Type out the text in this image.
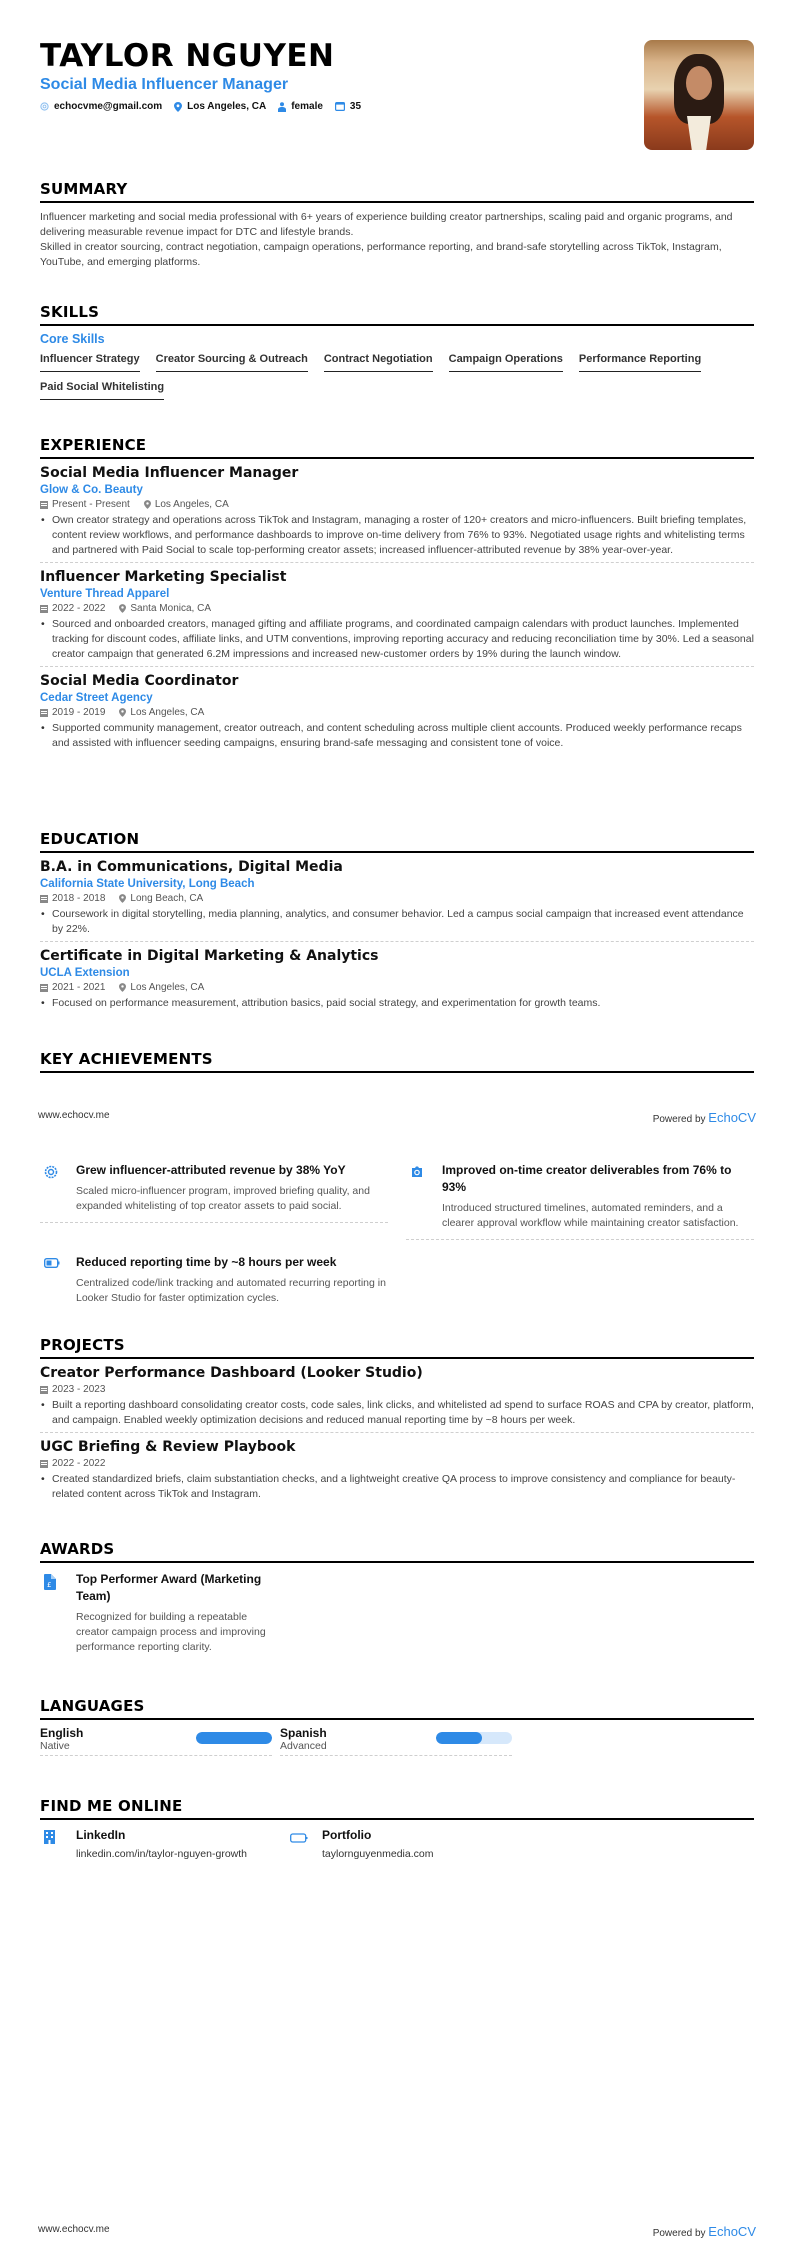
TAYLOR NGUYEN
Social Media Influencer Manager
echocvme@gmail.com	Los Angeles, CA	female	35
SUMMARY

Influencer marketing and social media professional with 6+ years of experience building creator partnerships, scaling paid and organic programs, and delivering measurable revenue impact for DTC and lifestyle brands.

Skilled in creator sourcing, contract negotiation, campaign operations, performance reporting, and brand-safe storytelling across TikTok, Instagram, YouTube, and emerging platforms.

SKILLS
Core Skills
Influencer Strategy Creator Sourcing & Outreach Contract Negotiation Campaign Operations Performance Reporting
Paid Social Whitelisting
EXPERIENCE
Social Media Influencer Manager
Glow & Co. Beauty
Present - Present	Los Angeles, CA
• Own creator strategy and operations across TikTok and Instagram, managing a roster of 120+ creators and micro-influencers. Built briefing templates, content review workflows, and performance dashboards to improve on-time delivery from 76% to 93%. Negotiated usage rights and whitelisting terms and partnered with Paid Social to scale top-performing creator assets; increased influencer-attributed revenue by 38% year-over-year.
Influencer Marketing Specialist
Venture Thread Apparel
2022 - 2022	Santa Monica, CA
• Sourced and onboarded creators, managed gifting and affiliate programs, and coordinated campaign calendars with product launches. Implemented tracking for discount codes, affiliate links, and UTM conventions, improving reporting accuracy and reducing reconciliation time by 30%. Led a seasonal creator campaign that generated 6.2M impressions and increased new-customer orders by 19% during the launch window.
Social Media Coordinator
Cedar Street Agency
2019 - 2019	Los Angeles, CA
• Supported community management, creator outreach, and content scheduling across multiple client accounts. Produced weekly performance recaps and assisted with influencer seeding campaigns, ensuring brand-safe messaging and consistent tone of voice.
EDUCATION
B.A. in Communications, Digital Media
California State University, Long Beach
2018 - 2018	Long Beach, CA
• Coursework in digital storytelling, media planning, analytics, and consumer behavior. Led a campus social campaign that increased event attendance by 22%.
Certificate in Digital Marketing & Analytics
UCLA Extension
2021 - 2021	Los Angeles, CA
• Focused on performance measurement, attribution basics, paid social strategy, and experimentation for growth teams.
KEY ACHIEVEMENTS
www.echocv.me	Powered by EchoCV
Grew influencer-attributed revenue by 38% YoY
Scaled micro-influencer program, improved briefing quality, and expanded whitelisting of top creator assets to paid social.
Improved on-time creator deliverables from 76% to 93%
Introduced structured timelines, automated reminders, and a clearer approval workflow while maintaining creator satisfaction.
Reduced reporting time by ~8 hours per week
Centralized code/link tracking and automated recurring reporting in Looker Studio for faster optimization cycles.
PROJECTS
Creator Performance Dashboard (Looker Studio)
2023 - 2023
• Built a reporting dashboard consolidating creator costs, code sales, link clicks, and whitelisted ad spend to surface ROAS and CPA by creator, platform, and campaign. Enabled weekly optimization decisions and reduced manual reporting time by ~8 hours per week.
UGC Briefing & Review Playbook
2022 - 2022
• Created standardized briefs, claim substantiation checks, and a lightweight creative QA process to improve consistency and compliance for beauty-related content across TikTok and Instagram.
AWARDS
£ Top Performer Award (Marketing Team)
Recognized for building a repeatable creator campaign process and improving performance reporting clarity.
LANGUAGES
English
Native
Spanish
Advanced
FIND ME ONLINE
LinkedIn
linkedin.com/in/taylor-nguyen-growth
Portfolio
taylornguyenmedia.com
www.echocv.me	Powered by EchoCV
